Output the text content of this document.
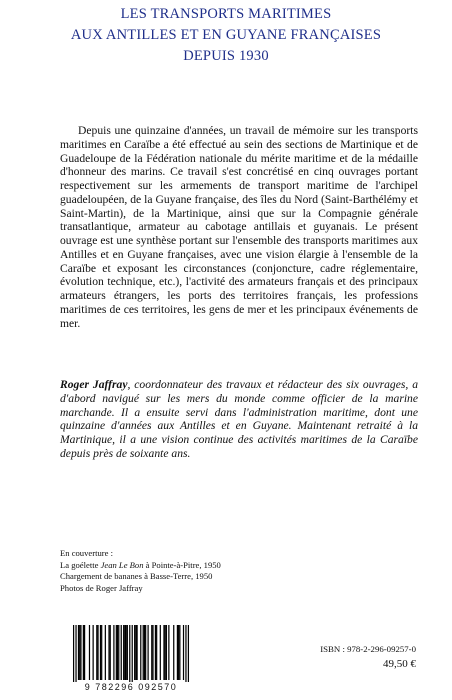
LES TRANSPORTS MARITIMES
AUX ANTILLES ET EN GUYANE FRANÇAISES
DEPUIS 1930

Depuis une quinzaine d'années, un travail de mémoire sur les transports maritimes en Caraïbe a été effectué au sein des sections de Martinique et de Guadeloupe de la Fédération nationale du mérite maritime et de la médaille d'honneur des marins. Ce travail s'est concrétisé en cinq ouvrages portant respectivement sur les armements de transport maritime de l'archipel guadeloupéen, de la Guyane française, des îles du Nord (Saint-Barthélémy et Saint-Martin), de la Martinique, ainsi que sur la Compagnie générale transatlantique, armateur au cabotage antillais et guyanais. Le présent ouvrage est une synthèse portant sur l'ensemble des transports maritimes aux Antilles et en Guyane françaises, avec une vision élargie à l'ensemble de la Caraïbe et exposant les circonstances (conjoncture, cadre réglementaire, évolution technique, etc.), l'activité des armateurs français et des principaux armateurs étrangers, les ports des territoires français, les professions maritimes de ces territoires, les gens de mer et les principaux événements de mer.

Roger Jaffray, coordonnateur des travaux et rédacteur des six ouvrages, a d'abord navigué sur les mers du monde comme officier de la marine marchande. Il a ensuite servi dans l'administration maritime, dont une quinzaine d'années aux Antilles et en Guyane. Maintenant retraité à la Martinique, il a une vision continue des activités maritimes de la Caraïbe depuis près de soixante ans.

En couverture :
La goélette Jean Le Bon à Pointe-à-Pitre, 1950
Chargement de bananes à Basse-Terre, 1950
Photos de Roger Jaffray
9 782296 092570
ISBN : 978-2-296-09257-0
49,50 €
